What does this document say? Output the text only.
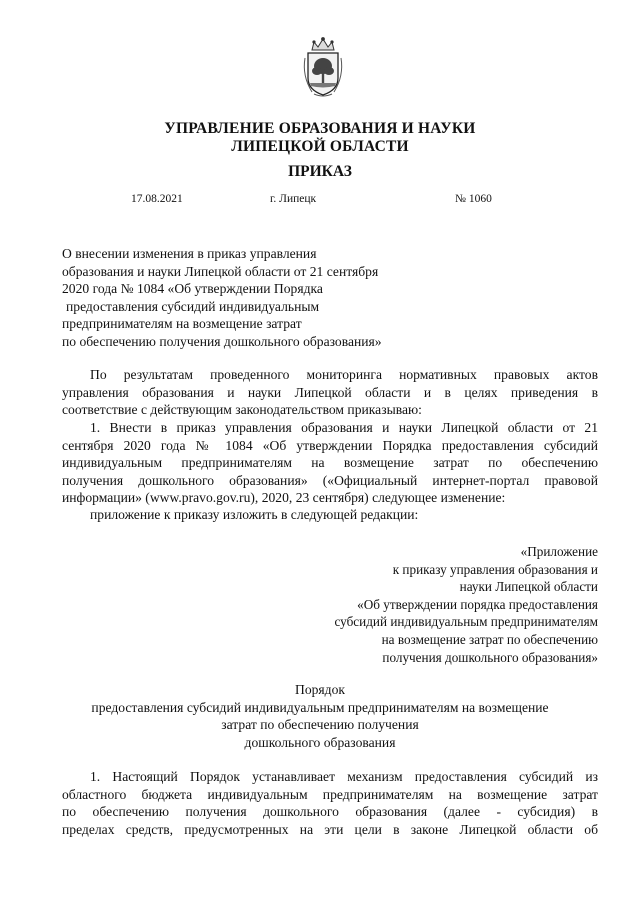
УПРАВЛЕНИЕ ОБРАЗОВАНИЯ И НАУКИ
ЛИПЕЦКОЙ ОБЛАСТИ
ПРИКАЗ
17.08.2021	г. Липецк	№ 1060
О внесении изменения в приказ управления
образования и науки Липецкой области от 21 сентября
2020 года № 1084 «Об утверждении Порядка
предоставления субсидий индивидуальным
предпринимателям на возмещение затрат
по обеспечению получения дошкольного образования»
По результатам проведенного мониторинга нормативных правовых актов
управления образования и науки Липецкой области и в целях приведения в
соответствие с действующим законодательством приказываю:
1. Внести в приказ управления образования и науки Липецкой области от 21
сентября 2020 года № 1084 «Об утверждении Порядка предоставления субсидий
индивидуальным предпринимателям на возмещение затрат по обеспечению
получения дошкольного образования» («Официальный интернет-портал правовой
информации» (www.pravo.gov.ru), 2020, 23 сентября) следующее изменение:
приложение к приказу изложить в следующей редакции:
«Приложение
к приказу управления образования и
науки Липецкой области
«Об утверждении порядка предоставления
субсидий индивидуальным предпринимателям
на возмещение затрат по обеспечению
получения дошкольного образования»
Порядок
предоставления субсидий индивидуальным предпринимателям на возмещение
затрат по обеспечению получения
дошкольного образования
1. Настоящий Порядок устанавливает механизм предоставления субсидий из
областного бюджета индивидуальным предпринимателям на возмещение затрат
по обеспечению получения дошкольного образования (далее - субсидия) в
пределах средств, предусмотренных на эти цели в законе Липецкой области об
